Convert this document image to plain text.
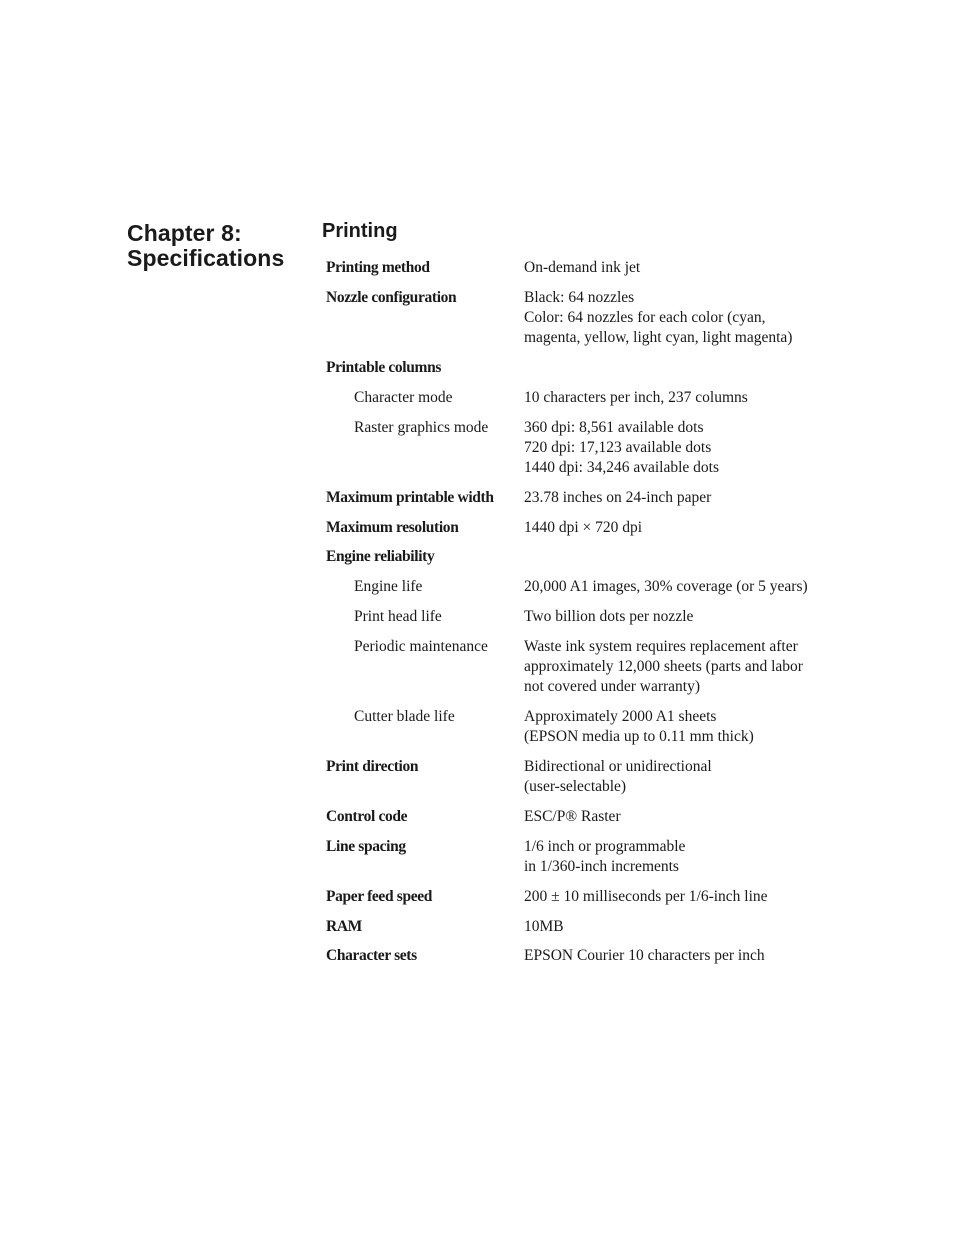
Chapter 8:
Specifications
Printing
Printing method	On-demand ink jet
Nozzle configuration	Black: 64 nozzles
Color: 64 nozzles for each color (cyan,
magenta, yellow, light cyan, light magenta)
Printable columns
Character mode	10 characters per inch, 237 columns
Raster graphics mode	360 dpi: 8,561 available dots
720 dpi: 17,123 available dots
1440 dpi: 34,246 available dots
Maximum printable width	23.78 inches on 24-inch paper
Maximum resolution	1440 dpi × 720 dpi
Engine reliability
Engine life	20,000 A1 images, 30% coverage (or 5 years)
Print head life	Two billion dots per nozzle
Periodic maintenance	Waste ink system requires replacement after
approximately 12,000 sheets (parts and labor
not covered under warranty)
Cutter blade life	Approximately 2000 A1 sheets
(EPSON media up to 0.11 mm thick)
Print direction	Bidirectional or unidirectional
(user-selectable)
Control code	ESC/P® Raster
Line spacing	1/6 inch or programmable
in 1/360-inch increments
Paper feed speed	200 ± 10 milliseconds per 1/6-inch line
RAM	10MB
Character sets	EPSON Courier 10 characters per inch
